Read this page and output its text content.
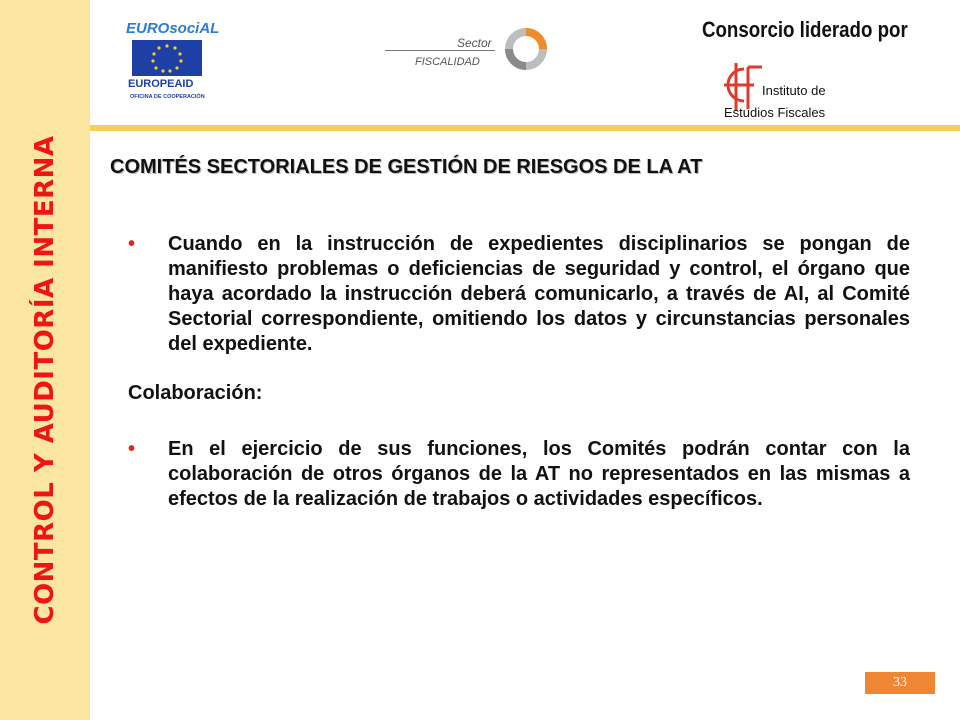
CONTROL Y AUDITORÍA INTERNA
EUROsociAL
EUROPEAID
OFICINA DE COOPERACIÓN
Sector
FISCALIDAD
Consorcio liderado por
Instituto de
Estudios Fiscales
COMITÉS SECTORIALES DE GESTIÓN DE RIESGOS DE LA AT

• Cuando en la instrucción de expedientes disciplinarios se pongan de manifiesto problemas o deficiencias de seguridad y control, el órgano que haya acordado la instrucción deberá comunicarlo, a través de AI, al Comité Sectorial correspondiente, omitiendo los datos y circunstancias personales del expediente.

Colaboración:

• En el ejercicio de sus funciones, los Comités podrán contar con la colaboración de otros órganos de la AT no representados en las mismas a efectos de la realización de trabajos o actividades específicos.

33
